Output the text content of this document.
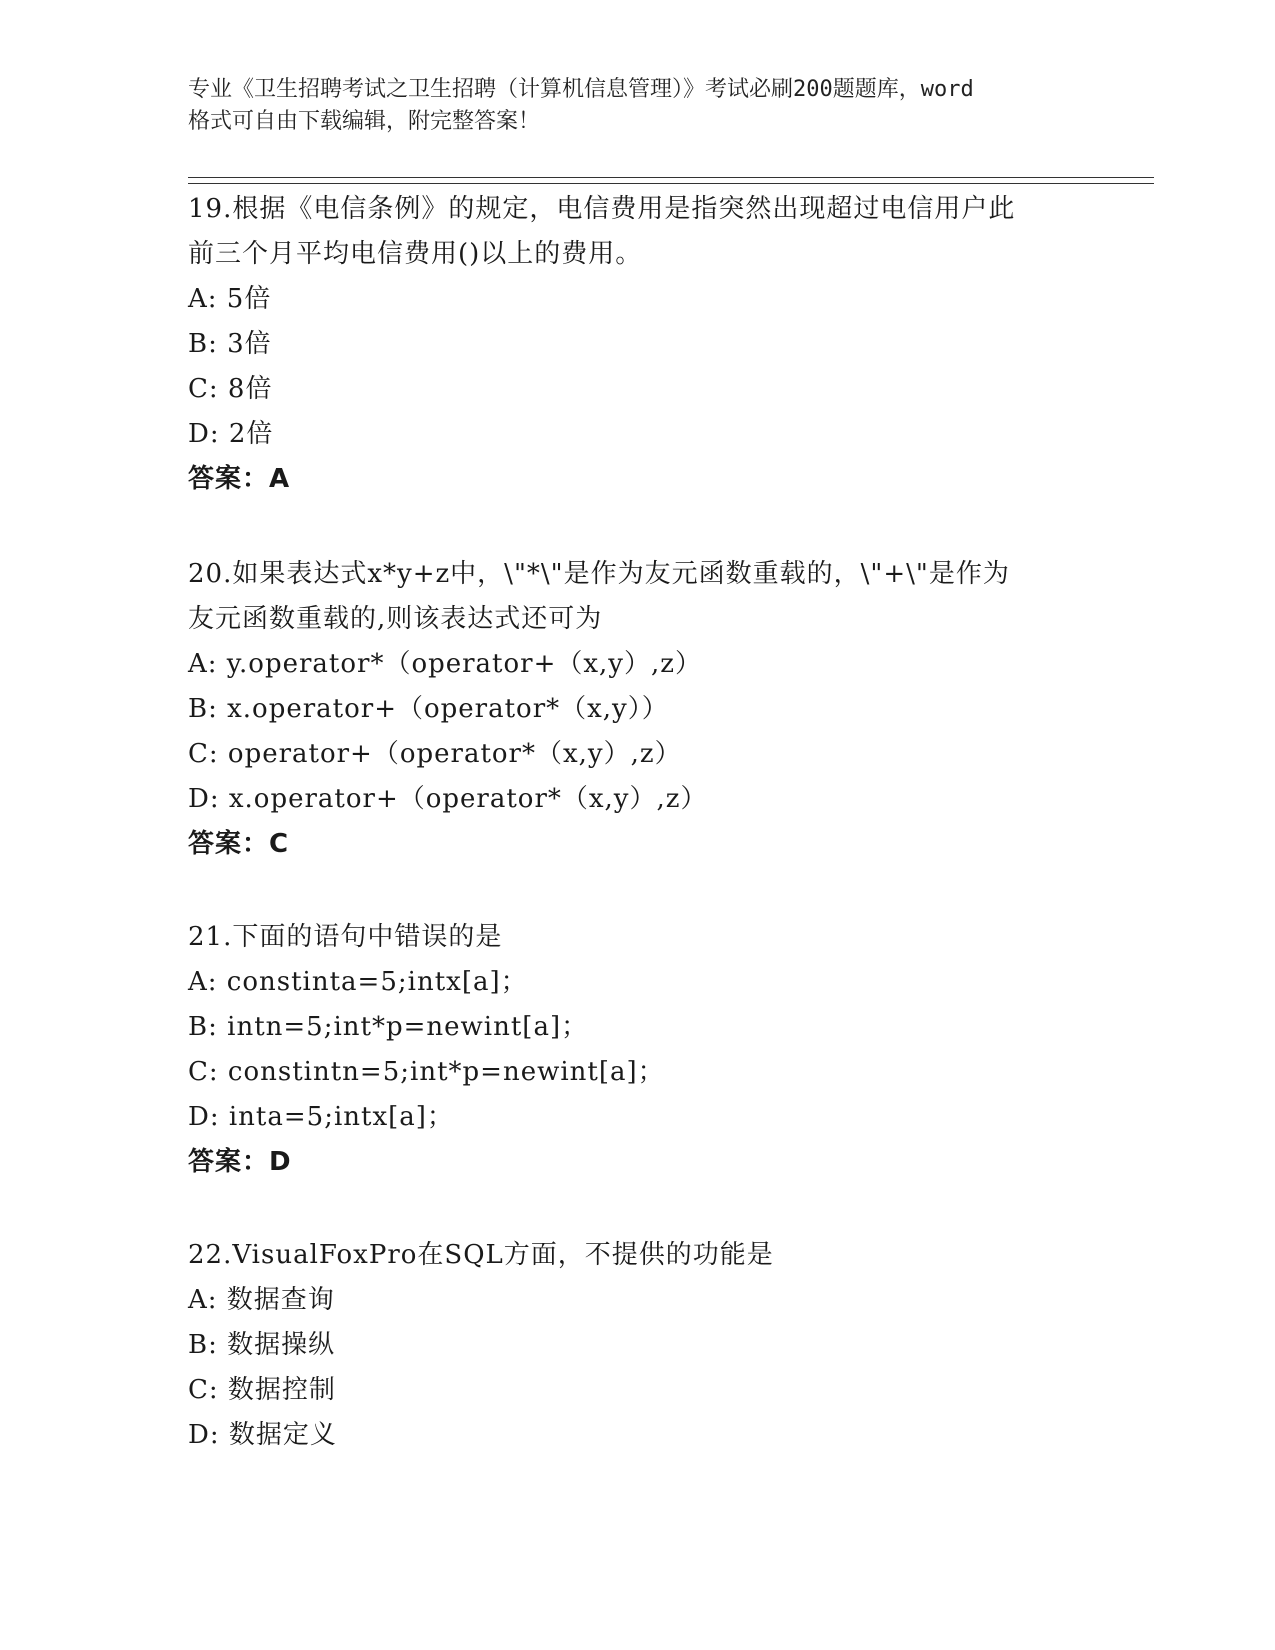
专业《卫生招聘考试之卫生招聘（计算机信息管理）》考试必刷200题题库，word
格式可自由下载编辑，附完整答案！
19.根据《电信条例》的规定，电信费用是指突然出现超过电信用户此
前三个月平均电信费用()以上的费用。
A: 5倍
B: 3倍
C: 8倍
D: 2倍
答案：A
20.如果表达式x*y+z中，\"*\"是作为友元函数重载的，\"+\"是作为
友元函数重载的,则该表达式还可为
A: y.operator*（operator+（x,y）,z）
B: x.operator+（operator*（x,y））
C: operator+（operator*（x,y）,z）
D: x.operator+（operator*（x,y）,z）
答案：C
21.下面的语句中错误的是
A: constinta=5;intx[a]；
B: intn=5;int*p=newint[a]；
C: constintn=5;int*p=newint[a]；
D: inta=5;intx[a]；
答案：D
22.VisualFoxPro在SQL方面，不提供的功能是
A: 数据查询
B: 数据操纵
C: 数据控制
D: 数据定义
